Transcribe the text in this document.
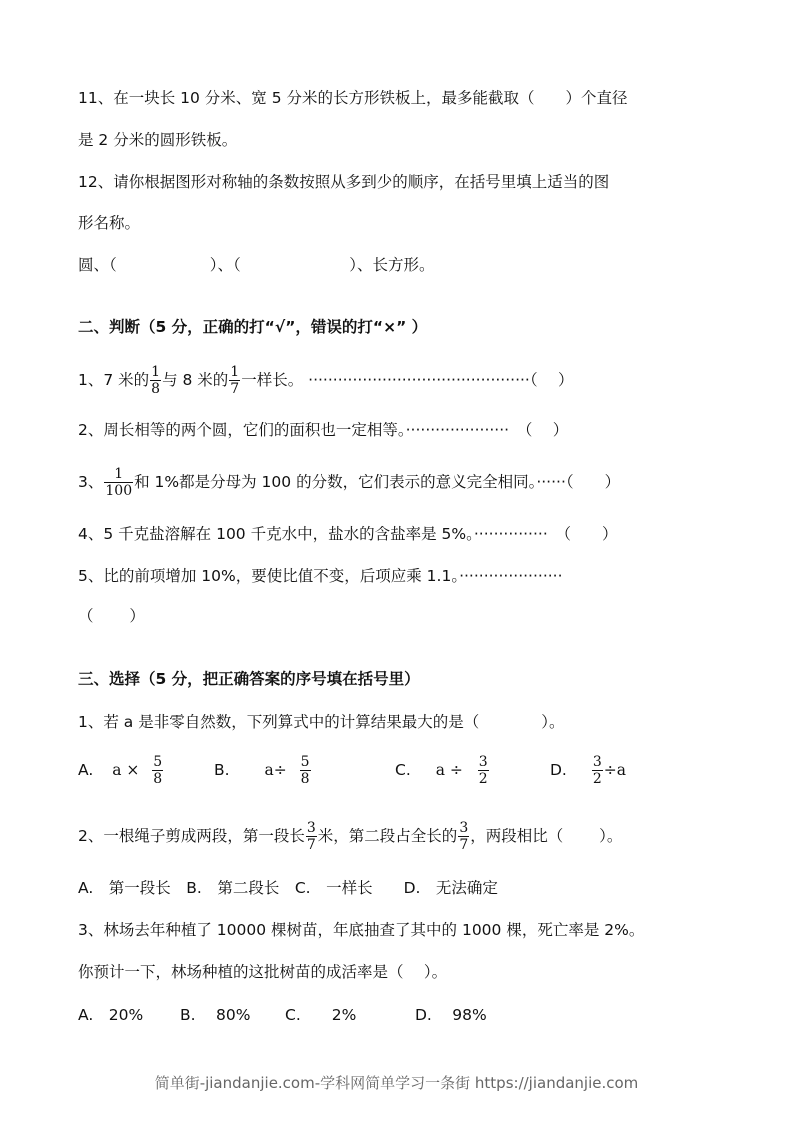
11、在一块长 10 分米、宽 5 分米的长方形铁板上，最多能截取（　　）个直径
是 2 分米的圆形铁板。
12、请你根据图形对称轴的条数按照从多到少的顺序，在括号里填上适当的图
形名称。
圆、（　　　　　　）、（　　　　　　　）、长方形。
二、判断（5 分，正确的打“√”，错误的打“×” ）
1、7 米的 $\frac{1}{8}$ 与 8 米的 $\frac{1}{7}$ 一样长。 ·············································（　 ）
2、周长相等的两个圆，它们的面积也一定相等。·····················　（　 ）
3、 $\frac{1}{100}$ 和 1%都是分母为 100 的分数，它们表示的意义完全相同。······（　　）
4、5 千克盐溶解在 100 千克水中，盐水的含盐率是 5%。···············　（　　）
5、比的前项增加 10%，要使比值不变，后项应乘 1.1。·····················
（　　 ）
三、选择（5 分，把正确答案的序号填在括号里）
1、若 a 是非零自然数，下列算式中的计算结果最大的是（　　　　）。
A. $a \times \frac{5}{8}$	B. $a\div \frac{5}{8}$	C. $a \div \frac{3}{2}$	D. $\frac{3}{2} \div a$
2、一根绳子剪成两段，第一段长 $\frac{3}{7}$ 米，第二段占全长的 $\frac{3}{7}$ ，两段相比（　　 ）。
A.　第一段长　B.　第二段长　C.　一样长　　D.　无法确定
3、林场去年种植了 10000 棵树苗，年底抽查了其中的 1000 棵，死亡率是 2%。
你预计一下，林场种植的这批树苗的成活率是（　 ）。
A.　20% B.　 80% C.　　2%	D.　 98%
简单街-jiandanjie.com-学科网简单学习一条街 https://jiandanjie.com
